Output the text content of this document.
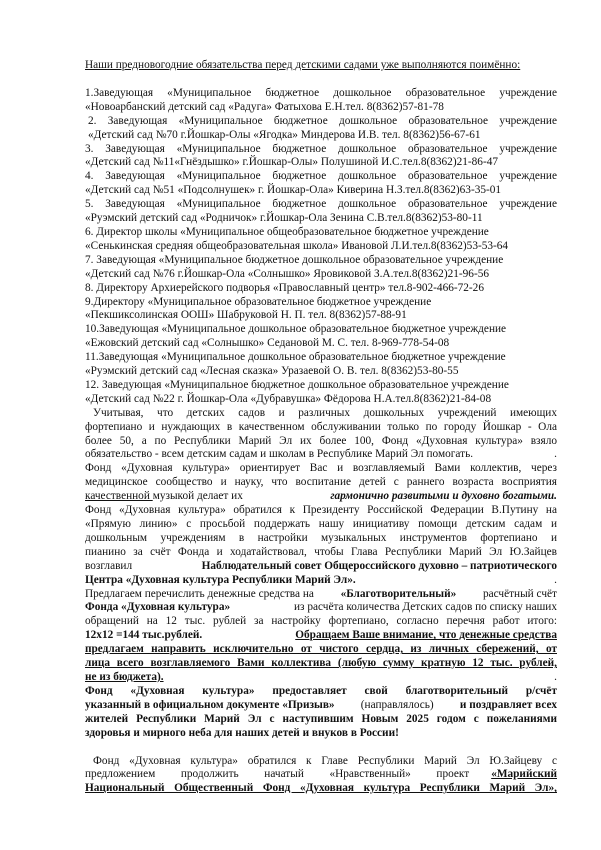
Наши предновогодние обязательства перед детскими садами уже выполняются поимённо:
1.Заведующая «Муниципальное бюджетное дошкольное образовательное учреждение
«Новоарбанский детский сад «Радуга» Фатыхова Е.Н.тел. 8(8362)57-81-78
2. Заведующая «Муниципальное бюджетное дошкольное образовательное учреждение
«Детский сад №70 г.Йошкар-Олы «Ягодка» Миндерова И.В. тел. 8(8362)56-67-61
3. Заведующая «Муниципальное бюджетное дошкольное образовательное учреждение
«Детский сад №11«Гнёздышко» г.Йошкар-Олы» Полушиной И.С.тел.8(8362)21-86-47
4. Заведующая «Муниципальное бюджетное дошкольное образовательное учреждение
«Детский сад №51 «Подсолнушек» г. Йошкар-Ола» Киверина Н.З.тел.8(8362)63-35-01
5. Заведующая «Муниципальное бюджетное дошкольное образовательное учреждение
«Руэмский детский сад «Родничок» г.Йошкар-Ола Зенина С.В.тел.8(8362)53-80-11
6. Директор школы «Муниципальное общеобразовательное бюджетное учреждение
«Сенькинская средняя общеобразовательная школа» Ивановой Л.И.тел.8(8362)53-53-64
7. Заведующая «Муниципальное бюджетное дошкольное образовательное учреждение
«Детский сад №76 г.Йошкар-Ола «Солнышко» Яровиковой З.А.тел.8(8362)21-96-56
8. Директору Архиерейского подворья «Православный центр» тел.8-902-466-72-26
9.Директору «Муниципальное образовательное бюджетное учреждение
«Пекшиксолинская ООШ» Шабруковой Н. П. тел. 8(8362)57-88-91
10.Заведующая «Муниципальное дошкольное образовательное бюджетное учреждение
«Ежовский детский сад «Солнышко» Седановой М. С. тел. 8-969-778-54-08
11.Заведующая «Муниципальное дошкольное образовательное бюджетное учреждение
«Руэмский детский сад «Лесная сказка» Уразаевой О. В. тел. 8(8362)53-80-55
12. Заведующая «Муниципальное бюджетное дошкольное образовательное учреждение
«Детский сад №22 г. Йошкар-Ола «Дубравушка» Фёдорова Н.А.тел.8(8362)21-84-08
Учитывая, что детских садов и различных дошкольных учреждений имеющих
фортепиано и нуждающих в качественном обслуживании только по городу Йошкар - Ола
более 50, а по Республики Марий Эл их более 100, Фонд «Духовная культура» взяло
обязательство - всем детским садам и школам в Республике Марий Эл помогать.	.
Фонд «Духовная культура» ориентирует Вас и возглавляемый Вами коллектив, через
медицинское сообщество и науку, что воспитание детей с раннего возраста восприятия
качественной музыкой делает их	гармонично развитыми и духовно богатыми.
Фонд «Духовная культура» обратился к Президенту Российской Федерации В.Путину на
«Прямую линию» с просьбой поддержать нашу инициативу помощи детским садам и
дошкольным учреждениям в настройки музыкальных инструментов фортепиано и
пианино за счёт Фонда и ходатайствовал, чтобы Глава Республики Марий Эл Ю.Зайцев
возглавил	Наблюдательный совет Общероссийского духовно – патриотического
Центра «Духовная культура Республики Марий Эл».	.
Предлагаем перечислить денежные средства на «Благотворительный» расчётный счёт
Фонда «Духовная культура»	из расчёта количества Детских садов по списку наших
обращений на 12 тыс. рублей за настройку фортепиано, согласно перечня работ итого:
12х12 =144 тыс.рублей.	Обращаем Ваше внимание, что денежные средства
предлагаем направить исключительно от чистого сердца, из личных сбережений, от
лица всего возглавляемого Вами коллектива (любую сумму кратную 12 тыс. рублей,
не из бюджета).	.
Фонд «Духовная культура» предоставляет свой благотворительный р/счёт
указанный в официальном документе «Призыв» (направлялось) и поздравляет всех
жителей Республики Марий Эл с наступившим Новым 2025 годом с пожеланиями
здоровья и мирного неба для наших детей и внуков в России!
Фонд «Духовная культура» обратился к Главе Республики Марий Эл Ю.Зайцеву с
предложением продолжить начатый «Нравственный» проект «Марийский
Национальный Общественный Фонд «Духовная культура Республики Марий Эл»,
